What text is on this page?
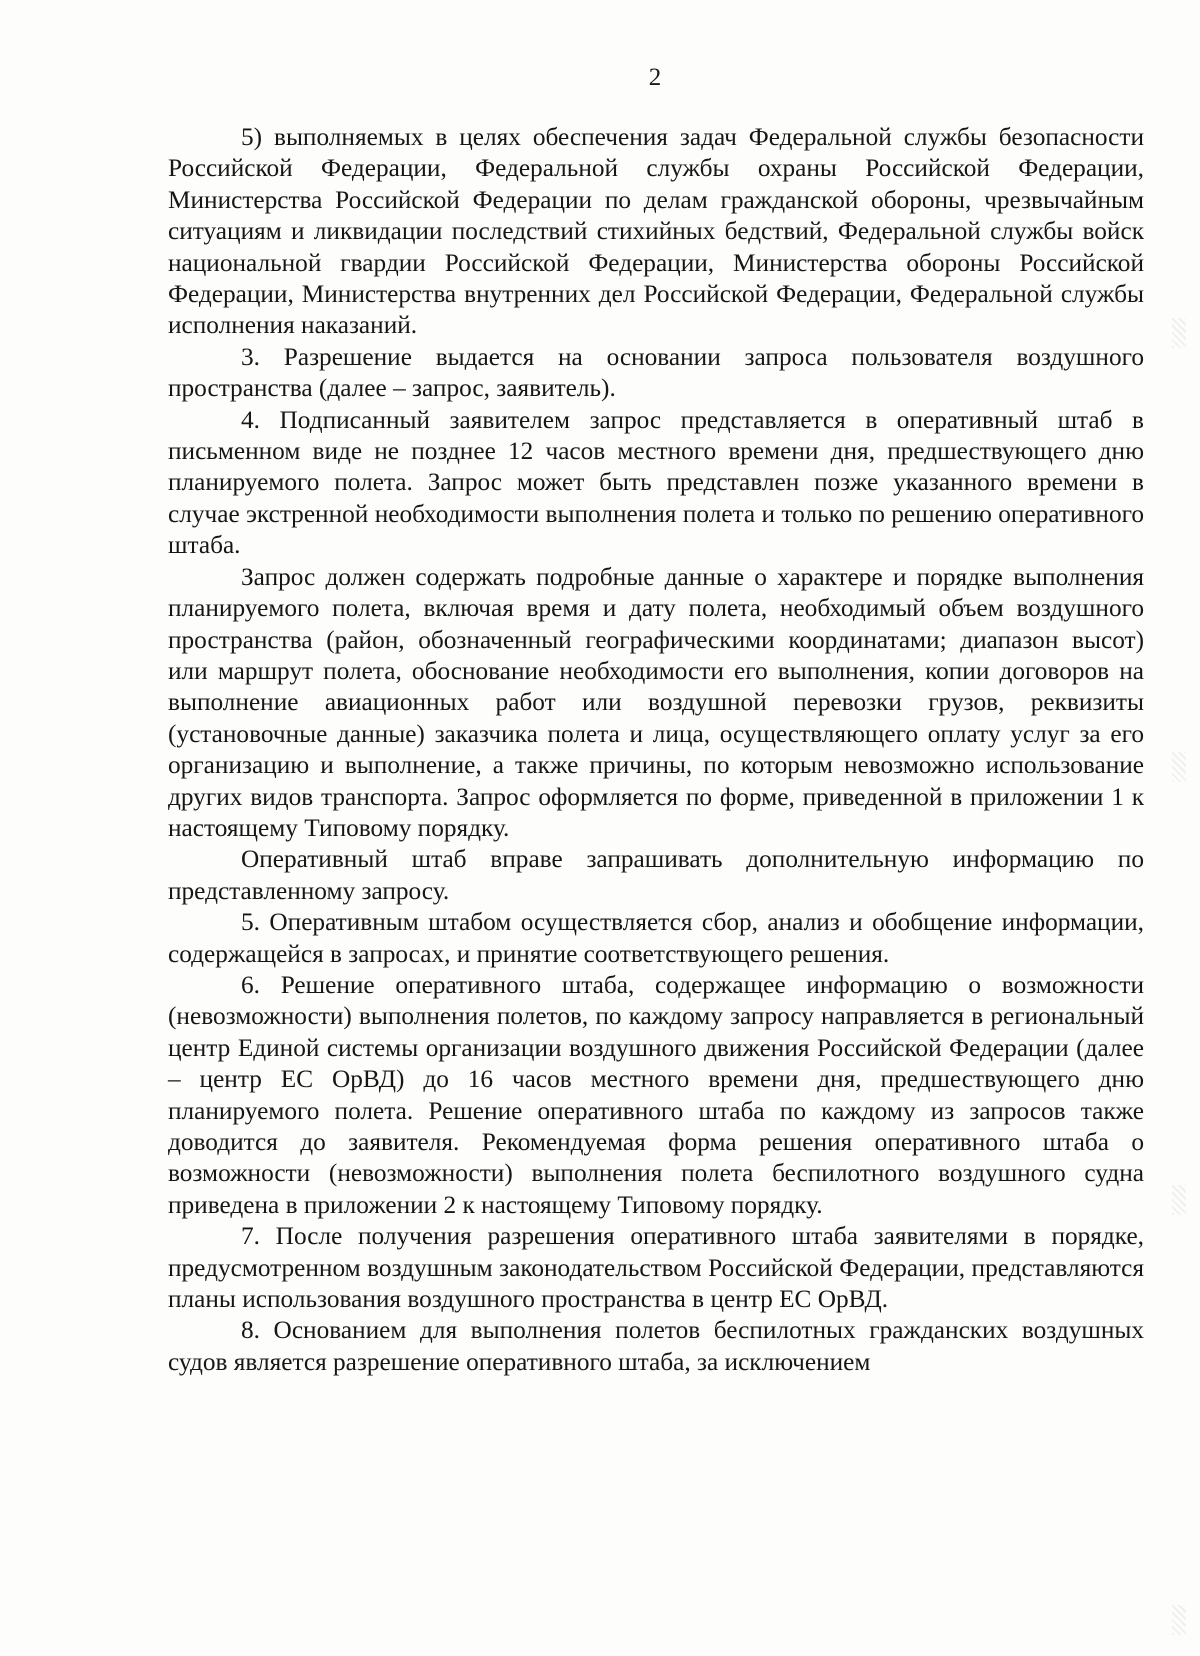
2

5) выполняемых в целях обеспечения задач Федеральной службы безопасности Российской Федерации, Федеральной службы охраны Российской Федерации, Министерства Российской Федерации по делам гражданской обороны, чрезвычайным ситуациям и ликвидации последствий стихийных бедствий, Федеральной службы войск национальной гвардии Российской Федерации, Министерства обороны Российской Федерации, Министерства внутренних дел Российской Федерации, Федеральной службы исполнения наказаний.

3. Разрешение выдается на основании запроса пользователя воздушного пространства (далее – запрос, заявитель).

4. Подписанный заявителем запрос представляется в оперативный штаб в письменном виде не позднее 12 часов местного времени дня, предшествующего дню планируемого полета. Запрос может быть представлен позже указанного времени в случае экстренной необходимости выполнения полета и только по решению оперативного штаба.

Запрос должен содержать подробные данные о характере и порядке выполнения планируемого полета, включая время и дату полета, необходимый объем воздушного пространства (район, обозначенный географическими координатами; диапазон высот) или маршрут полета, обоснование необходимости его выполнения, копии договоров на выполнение авиационных работ или воздушной перевозки грузов, реквизиты (установочные данные) заказчика полета и лица, осуществляющего оплату услуг за его организацию и выполнение, а также причины, по которым невозможно использование других видов транспорта. Запрос оформляется по форме, приведенной в приложении 1 к настоящему Типовому порядку.

Оперативный штаб вправе запрашивать дополнительную информацию по представленному запросу.

5. Оперативным штабом осуществляется сбор, анализ и обобщение информации, содержащейся в запросах, и принятие соответствующего решения.

6. Решение оперативного штаба, содержащее информацию о возможности (невозможности) выполнения полетов, по каждому запросу направляется в региональный центр Единой системы организации воздушного движения Российской Федерации (далее – центр ЕС ОрВД) до 16 часов местного времени дня, предшествующего дню планируемого полета. Решение оперативного штаба по каждому из запросов также доводится до заявителя. Рекомендуемая форма решения оперативного штаба о возможности (невозможности) выполнения полета беспилотного воздушного судна приведена в приложении 2 к настоящему Типовому порядку.

7. После получения разрешения оперативного штаба заявителями в порядке, предусмотренном воздушным законодательством Российской Федерации, представляются планы использования воздушного пространства в центр ЕС ОрВД.

8. Основанием для выполнения полетов беспилотных гражданских воздушных судов является разрешение оперативного штаба, за исключением
